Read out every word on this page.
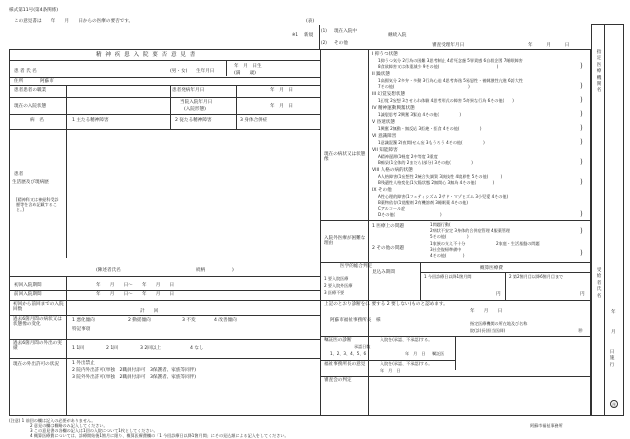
様式第11号(第4条関係)
この意見書は　　年　　月　　日からの医療の要否です。	(表)
※1 新規
(1) 現在入院中
(2) その他
継続入院
精 神 疾 患 入 院 要 否 意 見 書
審査受理年月日	年　　　月　　　日
患 者 氏 名	(男・女) 生年月日
年　月　日生
(満　　歳)
住所	阿蘇市
患者患者の職業	患者発病年月日	年　月　日
現在の入院状態
当院入院年月日
(入院形態)
年　月　日
病　名	1 主たる精神障害	2 従たる精神障害	3 身体合併症
患者
生活歴及び現病歴
[精神科又は神経科受診歴等を含め記載すること。]
(陳述者氏名	続柄	)
初回入院期間	年　　月　　日〜　　年　　月　　日
前回入院期間	年　　月　　日〜　　年　　月　　日
初回から前回までの入院回数	計　　回
過去6箇月間の病状又は状態像の変化
1 悪化傾向	2 動揺傾向	3 不変	4 改善傾向
特記事項
過去6箇月間の外出の実績	1 1回	2 1回	3 2回以上	4 なし
現在の外出許可の状況	1 外出禁止
2 院内外出許可(単独　2職員付添可　3保護者、家族等同伴)
3 院外外出許可(単独　2職員付添可　3保護者、家族等同伴)
現在の病状又は状態像
I 抑うつ状態
1抑うつ気分 2行為の困難 3思考制止 4希死念慮 5罪責感 6自殺企図 7睡眠障害
8食欲障害又は体重減少 9その他(　　　　　　　　　　　　　　)
II 躁状態
1高揚気分 2多弁・多動 3行為心迫 4思考奔逸 5易怒性・被刺激性亢進 6誇大性
7その他(　　　　　　　　　　　　　　　　　　)
III 幻覚妄想状態
1幻覚 2妄想 3させられ体験 4思考形式の障害 5奇異な行為 6その他(　　)
IV 精神運動興奮状態
1滅裂思考 2興奮 3緊迫 4その他(　　　　　)
V 昏迷状態
1興奮 2無動・無反応 3拒絶・拒食 4その他(　　　　　)
VI 意識障害
1意識混濁 2(夜間)せん妄 3もうろう 4その他(　　　　　)
VII 知能障害
A精神遅滞(1軽度 2中等度 3重度
B痴呆(1全体的 2まだら(部分) 3その他(　　　　　)
VIII 人格の病的状態
A人格障害(1妄想性 2統合失調質 3演技性 4境界性 5その他(　　　)
B残遺性人格変化(1欠陥状態 2無関心 3無為 4その他(　　　　)
IX その他
A性心理的障害(1フェティシズム 2サド・マゾヒズム 3小児愛 4その他)
B薬物依存(1覚醒剤 2有機溶剤 3睡眠薬 4その他)
Cアルコール症
Dその他(　　　　　　　　　　　)
)
)
)
)
)
)
)
)
)
入院外医療が困難な理由
1 医療上の問題	1問題行動(
2病状不安定 3身体的合併症管理 4服薬管理
5その他(　　　　　)
2 その他の問題
1家族の支え不十分	2家庭・生活基盤の問題
3社会復帰準備中
4その他(　　　　)
)
)
医学的総合判定
見込み期間
1 要入院医療
2 要入院外医療
3 医療不要
概算医療費
1 今回診療日以降1箇月間	2 第2箇月目以降6箇月目まで
円	円
上記のとおり診断を(1 要する 2 要しない)ものと認めます。
年　　月　　日
阿蘇市福祉事務所長　様
指定医療機関の所在地及び名称
院(診)長(担当医師)	㊞
嘱託医の診断	入院を(承認、不承認)する。
承認日数
1、2、3、4、5、6	年　月　日 嘱託医
福祉事務所長の意見	入院を(承認、不承認)する。
年　月　日
審査会の判定
指定医療機関名
受給者氏名
年
月
日施行
㊞
(注意) 1 前回の欄は記入の必要がありません。
2 意見の欄は概略のみ記入してください。
3 この意見書の各欄の記入は1回の入院について1枚としてください。
4 概算医療費については、診療開始後1箇月に限り、概算医療費欄の「1 今回診療日以降1箇月間」にその見込額による記入をしてください。
阿蘇市福祉事務所
